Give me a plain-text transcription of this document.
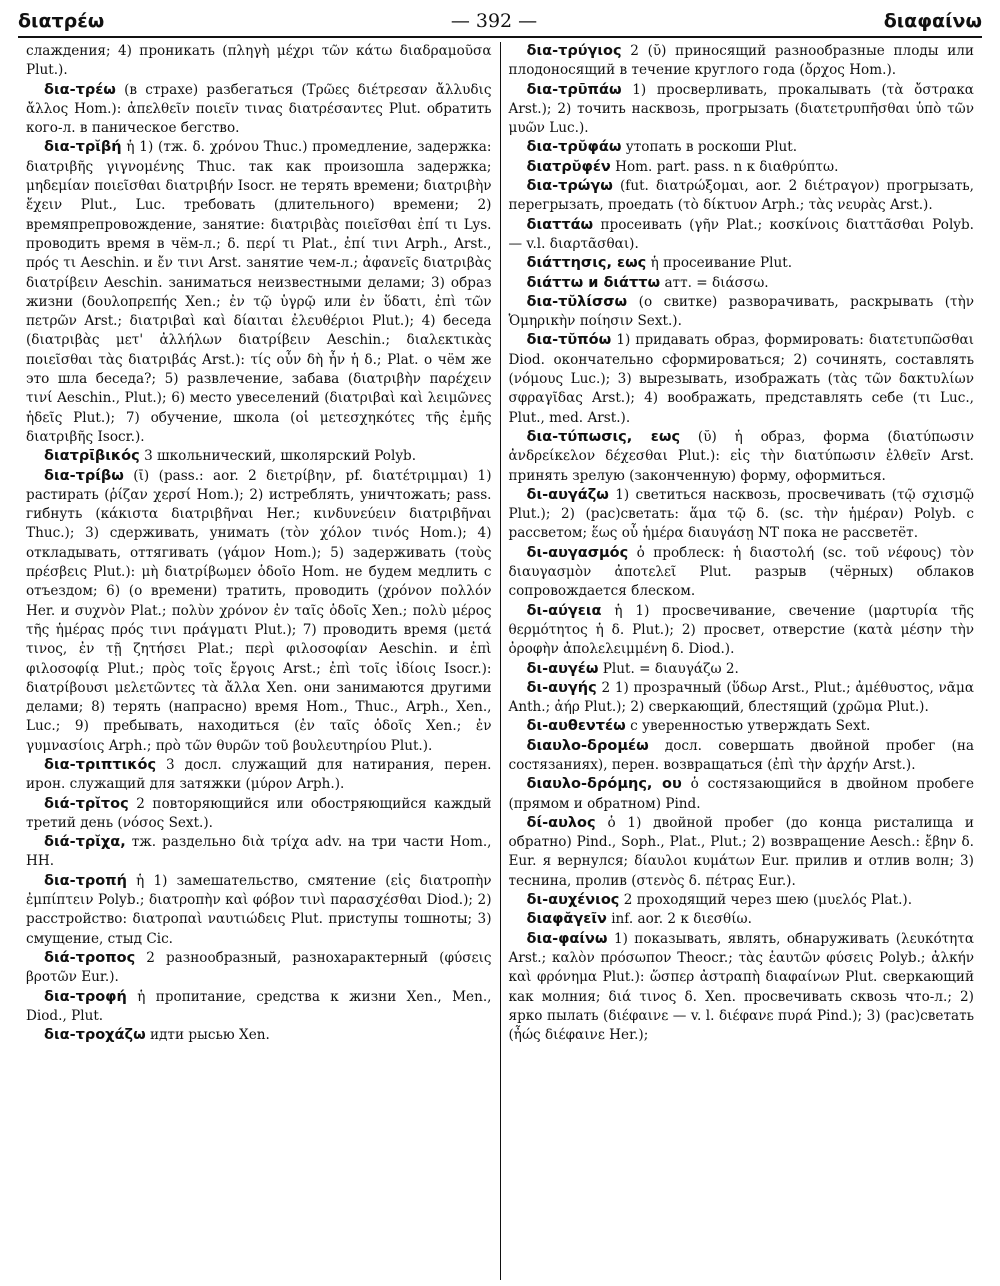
διατρέω	— 392 —	διαφαίνω

слаждения; 4) проникать (πληγὴ μέχρι τῶν κάτω διαδραμοῦσα Plut.).

δια-τρέω (в страхе) разбегаться (Τρῶες διέτρεσαν ἄλλυδις ἄλλος Hom.): ἀπελθεῖν ποιεῖν τινας διατρέσαντες Plut. обратить кого-л. в паническое бегство.

δια-τρῐβή ἡ 1) (тж. δ. χρόνου Thuc.) промедление, задержка: διατριβῆς γιγνομένης Thuc. так как произошла задержка; μηδεμίαν ποιεῖσθαι διατριβήν Isocr. не терять времени; διατριβὴν ἔχειν Plut., Luc. требовать (длительного) времени; 2) времяпрепровождение, занятие: διατριβὰς ποιεῖσθαι ἐπί τι Lys. проводить время в чём-л.; δ. περί τι Plat., ἐπί τινι Arph., Arst., πρός τι Aeschin. и ἔν τινι Arst. занятие чем-л.; ἀφανεῖς διατριβὰς διατρίβειν Aeschin. заниматься неизвестными делами; 3) образ жизни (δουλοπρεπής Xen.; ἐν τῷ ὑγρῷ или ἐν ὕδατι, ἐπὶ τῶν πετρῶν Arst.; διατριβαὶ καὶ δίαιται ἐλευθέριοι Plut.); 4) беседа (διατριβὰς μετ' ἀλλήλων διατρίβειν Aeschin.; διαλεκτικὰς ποιεῖσθαι τὰς διατριβάς Arst.): τίς οὖν δὴ ἦν ἡ δ.; Plat. о чём же это шла беседа?; 5) развлечение, забава (διατριβὴν παρέχειν τινί Aeschin., Plut.); 6) место увеселений (διατριβαὶ καὶ λειμῶνες ἡδεῖς Plut.); 7) обучение, школа (οἱ μετεσχηκότες τῆς ἐμῆς διατριβῆς Isocr.).

διατρῑβικός 3 школьнический, школярский Polyb.

δια-τρίβω (ῑ) (pass.: aor. 2 διετρίβην, pf. διατέτριμμαι) 1) растирать (ῥίζαν χερσί Hom.); 2) истреблять, уничтожать; pass. гибнуть (κάκιστα διατριβῆναι Her.; κινδυνεύειν διατριβῆναι Thuc.); 3) сдерживать, унимать (τὸν χόλον τινός Hom.); 4) откладывать, оттягивать (γάμον Hom.); 5) задерживать (τοὺς πρέσβεις Plut.): μὴ διατρίβωμεν ὁδοῖο Hom. не будем медлить с отъездом; 6) (о времени) тратить, проводить (χρόνον πολλόν Her. и συχνὸν Plat.; πολὺν χρόνον ἐν ταῖς ὁδοῖς Xen.; πολὺ μέρος τῆς ἡμέρας πρός τινι πράγματι Plut.); 7) проводить время (μετά τινος, ἐν τῇ ζητήσει Plat.; περὶ φιλοσοφίαν Aeschin. и ἐπὶ φιλοσοφίᾳ Plut.; πρὸς τοῖς ἔργοις Arst.; ἐπὶ τοῖς ἰδίοις Isocr.): διατρίβουσι μελετῶντες τὰ ἄλλα Xen. они занимаются другими делами; 8) терять (напрасно) время Hom., Thuc., Arph., Xen., Luc.; 9) пребывать, находиться (ἐν ταῖς ὁδοῖς Xen.; ἐν γυμνασίοις Arph.; πρὸ τῶν θυρῶν τοῦ βουλευτηρίου Plut.).

δια-τριπτικός 3 досл. служащий для натирания, перен. ирон. служащий для затяжки (μύρον Arph.).

διά-τρῐτος 2 повторяющийся или обостряющийся каждый третий день (νόσος Sext.).

διά-τρῐχα, тж. раздельно διὰ τρίχα adv. на три части Hom., HH.

δια-τροπή ἡ 1) замешательство, смятение (εἰς διατροπὴν ἐμπίπτειν Polyb.; διατροπὴν καὶ φόβον τινὶ παρασχέσθαι Diod.); 2) расстройство: διατροπαὶ ναυτιώδεις Plut. приступы тошноты; 3) смущение, стыд Cic.

διά-τροπος 2 разнообразный, разнохарактерный (φύσεις βροτῶν Eur.).

δια-τροφή ἡ пропитание, средства к жизни Xen., Men., Diod., Plut.

δια-τροχάζω идти рысью Xen.

δια-τρύγιος 2 (ῠ) приносящий разнообразные плоды или плодоносящий в течение круглого года (ὄρχος Hom.).

δια-τρῡπάω 1) просверливать, прокалывать (τὰ ὄστρακα Arst.); 2) точить насквозь, прогрызать (διατετρυπῆσθαι ὑπὸ τῶν μυῶν Luc.).

δια-τρῠφάω утопать в роскоши Plut.

διατρῠφέν Hom. part. pass. n к διαθρύπτω.

δια-τρώγω (fut. διατρώξομαι, aor. 2 διέτραγον) прогрызать, перегрызать, проедать (τὸ δίκτυον Arph.; τὰς νευρὰς Arst.).

διαττάω просеивать (γῆν Plat.; κοσκίνοις διαττᾶσθαι Polyb. — v.l. διαρτᾶσθαι).

διάττησις, εως ἡ просеивание Plut.

διάττω и διάττω атт. = διάσσω.

δια-τῠλίσσω (о свитке) разворачивать, раскрывать (τὴν Ὁμηρικὴν ποίησιν Sext.).

δια-τῠπόω 1) придавать образ, формировать: διατετυπῶσθαι Diod. окончательно сформироваться; 2) сочинять, составлять (νόμους Luc.); 3) вырезывать, изображать (τὰς τῶν δακτυλίων σφραγῖδας Arst.); 4) воображать, представлять себе (τι Luc., Plut., med. Arst.).

δια-τύπωσις, εως (ῠ) ἡ образ, форма (διατύπωσιν ἀνδρείκελον δέχεσθαι Plut.): εἰς τὴν διατύπωσιν ἐλθεῖν Arst. принять зрелую (законченную) форму, оформиться.

δι-αυγάζω 1) светиться насквозь, просвечивать (τῷ σχισμῷ Plut.); 2) (рас)светать: ἅμα τῷ δ. (sc. τὴν ἡμέραν) Polyb. с рассветом; ἕως οὗ ἡμέρα διαυγάσῃ NT пока не рассветёт.

δι-αυγασμός ὁ проблеск: ἡ διαστολή (sc. τοῦ νέφους) τὸν διαυγασμὸν ἀποτελεῖ Plut. разрыв (чёрных) облаков сопровождается блеском.

δι-αύγεια ἡ 1) просвечивание, свечение (μαρτυρία τῆς θερμότητος ἡ δ. Plut.); 2) просвет, отверстие (κατὰ μέσην τὴν ὀροφὴν ἀπολελειμμένη δ. Diod.).

δι-αυγέω Plut. = διαυγάζω 2.

δι-αυγής 2 1) прозрачный (ὕδωρ Arst., Plut.; ἀμέθυστος, νᾶμα Anth.; ἀήρ Plut.); 2) сверкающий, блестящий (χρῶμα Plut.).

δι-αυθεντέω с уверенностью утверждать Sext.

διαυλο-δρομέω досл. совершать двойной пробег (на состязаниях), перен. возвращаться (ἐπὶ τὴν ἀρχήν Arst.).

διαυλο-δρόμης, ου ὁ состязающийся в двойном пробеге (прямом и обратном) Pind.

δί-αυλος ὁ 1) двойной пробег (до конца ристалища и обратно) Pind., Soph., Plat., Plut.; 2) возвращение Aesch.: ἔβην δ. Eur. я вернулся; δίαυλοι κυμάτων Eur. прилив и отлив волн; 3) теснина, пролив (στενὸς δ. πέτρας Eur.).

δι-αυχένιος 2 проходящий через шею (μυελός Plat.).

διαφᾰγεῖν inf. aor. 2 к διεσθίω.

δια-φαίνω 1) показывать, являть, обнаруживать (λευκότητα Arst.; καλὸν πρόσωπον Theocr.; τὰς ἑαυτῶν φύσεις Polyb.; ἀλκήν καὶ φρόνημα Plut.): ὥσπερ ἀστραπὴ διαφαίνων Plut. сверкающий как молния; διά τινος δ. Xen. просвечивать сквозь что-л.; 2) ярко пылать (διέφαινε — v. l. διέφανε πυρά Pind.); 3) (рас)светать (ἦώς διέφαινε Her.);
